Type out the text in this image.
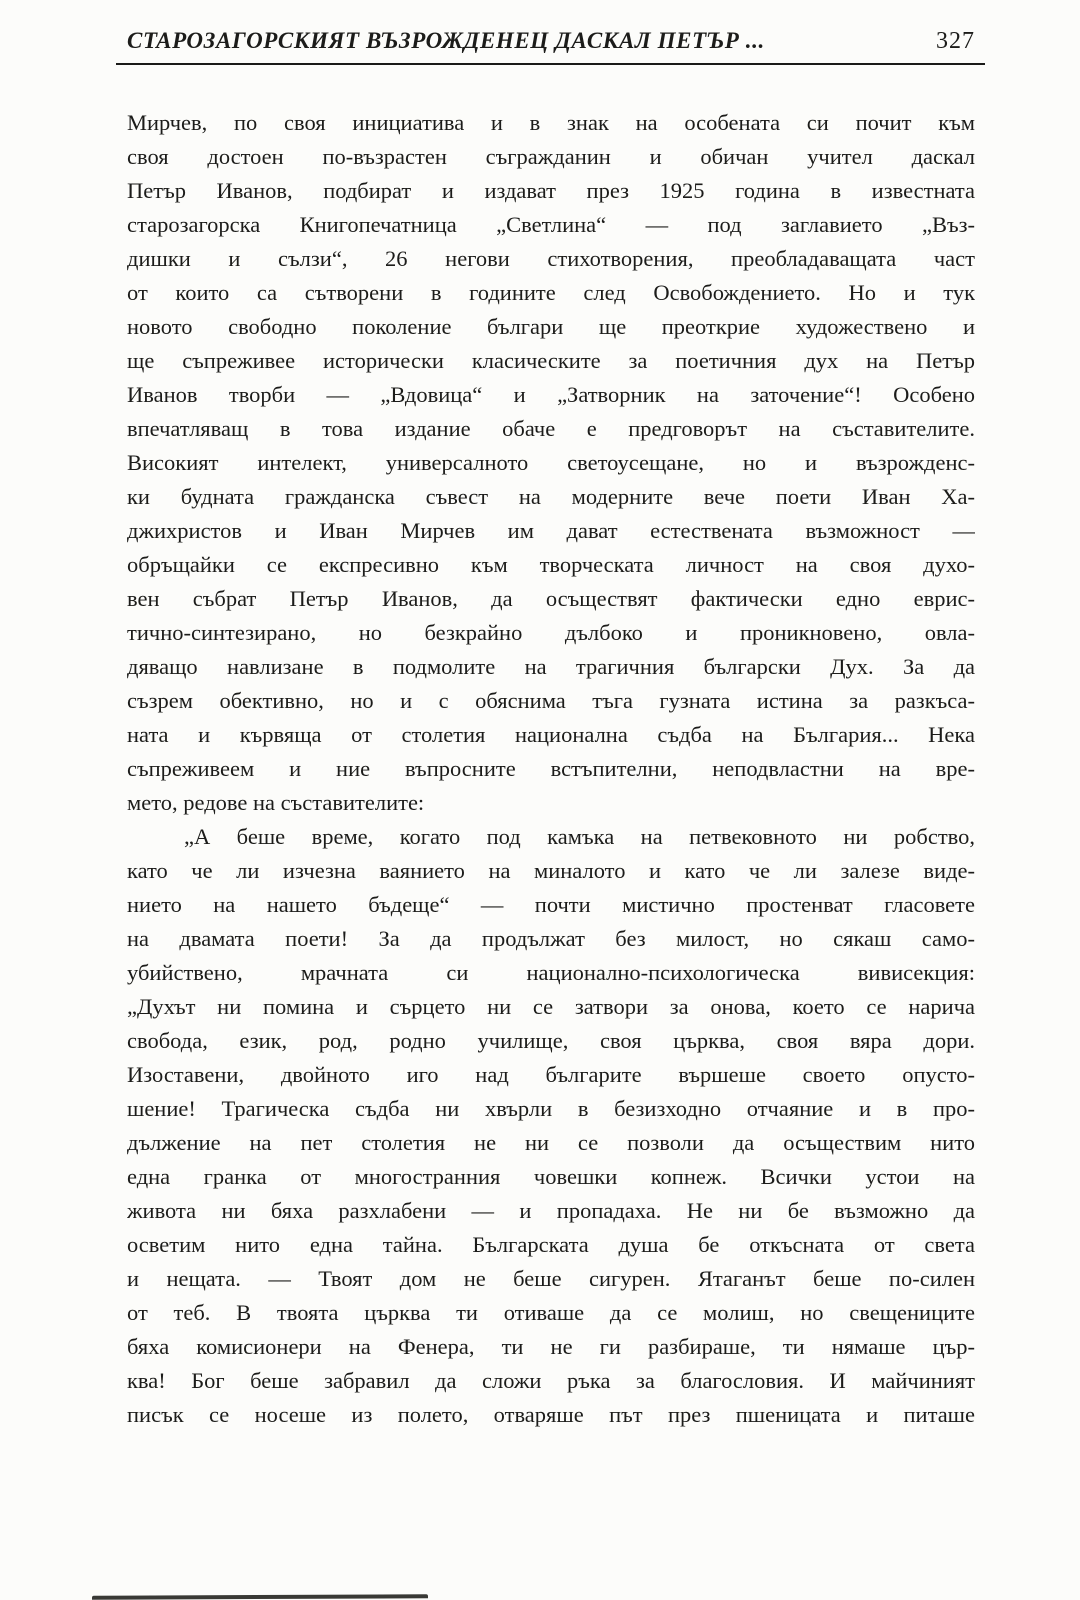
СТАРОЗАГОРСКИЯТ ВЪЗРОЖДЕНЕЦ ДАСКАЛ ПЕТЪР ...	327
Мирчев, по своя инициатива и в знак на особената си почит към
своя достоен по-възрастен съгражданин и обичан учител даскал
Петър Иванов, подбират и издават през 1925 година в известната
старозагорска Книгопечатница „Светлина“ — под заглавието „Въз-
дишки и сълзи“, 26 негови стихотворения, преобладаващата част
от които са сътворени в годините след Освобождението. Но и тук
новото свободно поколение българи ще преоткрие художествено и
ще съпреживее исторически класическите за поетичния дух на Петър
Иванов творби — „Вдовица“ и „Затворник на заточение“! Особено
впечатляващ в това издание обаче е предговорът на съставителите.
Високият интелект, универсалното светоусещане, но и възрожденс-
ки будната гражданска съвест на модерните вече поети Иван Ха-
джихристов и Иван Мирчев им дават естествената възможност —
обръщайки се експресивно към творческата личност на своя духо-
вен събрат Петър Иванов, да осъществят фактически едно еврис-
тично-синтезирано, но безкрайно дълбоко и проникновено, овла-
дяващо навлизане в подмолите на трагичния български Дух. За да
съзрем обективно, но и с обяснима тъга гузната истина за разкъса-
ната и кървяща от столетия национална съдба на България... Нека
съпреживеем и ние въпросните встъпителни, неподвластни на вре-
мето, редове на съставителите:
„А беше време, когато под камъка на петвековното ни робство,
като че ли изчезна ваянието на миналото и като че ли залезе виде-
нието на нашето бъдеще“ — почти мистично простенват гласовете
на двамата поети! За да продължат без милост, но сякаш само-
убийствено, мрачната си национално-психологическа вивисекция:
„Духът ни помина и сърцето ни се затвори за онова, което се нарича
свобода, език, род, родно училище, своя църква, своя вяра дори.
Изоставени, двойното иго над българите вършеше своето опусто-
шение! Трагическа съдба ни хвърли в безизходно отчаяние и в про-
дължение на пет столетия не ни се позволи да осъществим нито
една гранка от многостранния човешки копнеж. Всички устои на
живота ни бяха разхлабени — и пропадаха. Не ни бе възможно да
осветим нито една тайна. Българската душа бе откъсната от света
и нещата. — Твоят дом не беше сигурен. Ятаганът беше по-силен
от теб. В твоята църква ти отиваше да се молиш, но свещениците
бяха комисионери на Фенера, ти не ги разбираше, ти нямаше цър-
ква! Бог беше забравил да сложи ръка за благословия. И майчиният
писък се носеше из полето, отваряше път през пшеницата и питаше
